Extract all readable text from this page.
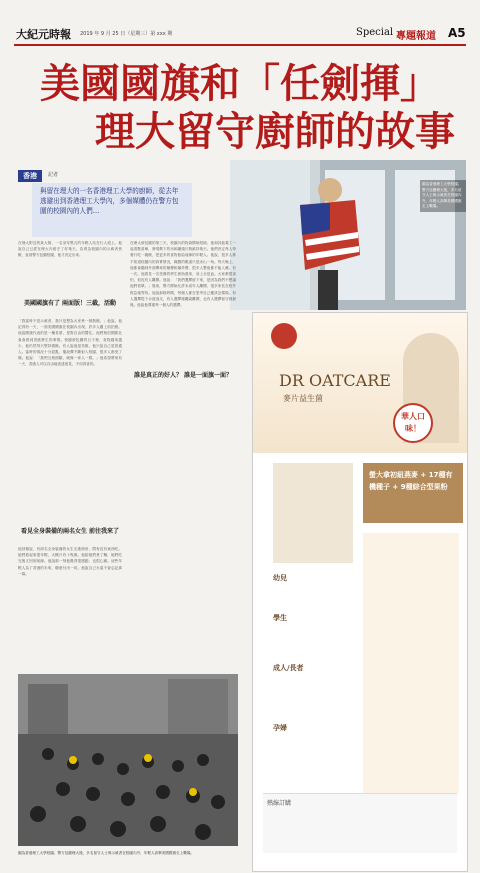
大紀元時報 2019 年 9 月 25 日（星期三）第 xxx 期	Special 專題報道 A5
美國國旗和「任劍揮」
理大留守廚師的故事
圖為香港理工大學校園。警方包圍理大後，多名留守人士與示威者在校園內外，年輕人高舉美國國旗走上戰場。
香港	記者
與留在理大的一名香港理工大學的廚師，從去年逃避出到香港理工大學內，多個媒體仍在警方包圍的校園內的人們…
在理大附近的某大街，一名身穿黑衣的年輕人站在行人道上。他說自己已經在理大內留守了好幾天，負責為校園內的示威者煮飯，直到警方包圍校園，他才決定出來。
美國國旗有了 兩面版！三截，活動
「我當時不是示威者，我只是想為大家煮一餐熱飯。」他說。他記得有一天，一面美國國旗在校園內出現，許多人圍上前拍照。他說國旗代表的是一種希望，是對自由的嚮往。他們相信國際社會會看到香港發生的事情。校園被包圍的日子裡，食物越來越少，他仍然每天堅持做飯。有人說他是英雄，他只說自己是普通人。當時的情況十分混亂，催淚彈不斷射入校園，很多人都受了傷。他說：「我們互相照顧，就像一家人一樣。」他希望將來有一天，香港人可以自由地表達意見，不用再害怕。
看見全身裝備的兩名女生 前往我來了
他回憶說，有兩名全身裝備的女生走進廚房，問有沒有東西吃。她們看起來很年輕，大概只有十幾歲。他給她們煮了麵，她們吃完後又回到前線。他說那一刻他覺得很感動，也很心痛。這些年輕人為了香港的未來，願意付出一切。他說自己永遠不會忘記那一幕。
在理大被包圍的第三天，校園內的物資開始短缺。他和其他義工一起清點倉庫，發現剩下的米和罐頭只夠維持幾天。他們決定每人每餐只吃一碗飯，把更多的食物留給前線的年輕人。他說，很多人都不知道校園內的真實情況，媒體的報道只是冰山一角。每天晚上，他都會聽到外面傳來的槍聲和爆炸聲，很多人整夜都不能入睡。有一次，他看見一名受傷的學生被抬進來，身上全是血。大家都很害怕，但沒有人離開。他說：「我們選擇留下來，是因為我們不想讓他們孤單。」後來，警方開始允許未成年人離開，很多家長在校外焦急地等待。他說那段時間，每個人都在思考自己應該怎樣做。有人選擇從下水道逃走，有人選擇爬繩索離開，也有人選擇留守到最後。他說他尊重每一個人的選擇。
誰是真正的好人？ 誰是一面旗一面？
圖為香港理工大學校園。警方包圍理大後，多名留守人士與示威者在校園內外，年輕人高舉美國國旗走上戰場。
DR OATCARE
麥片益生菌
華人口味！
螢大拿初紐燕麥 + 17種有機種子 + 9種綜合型果粉
幼兒
學生
成人/長者
孕婦
熱線訂購
